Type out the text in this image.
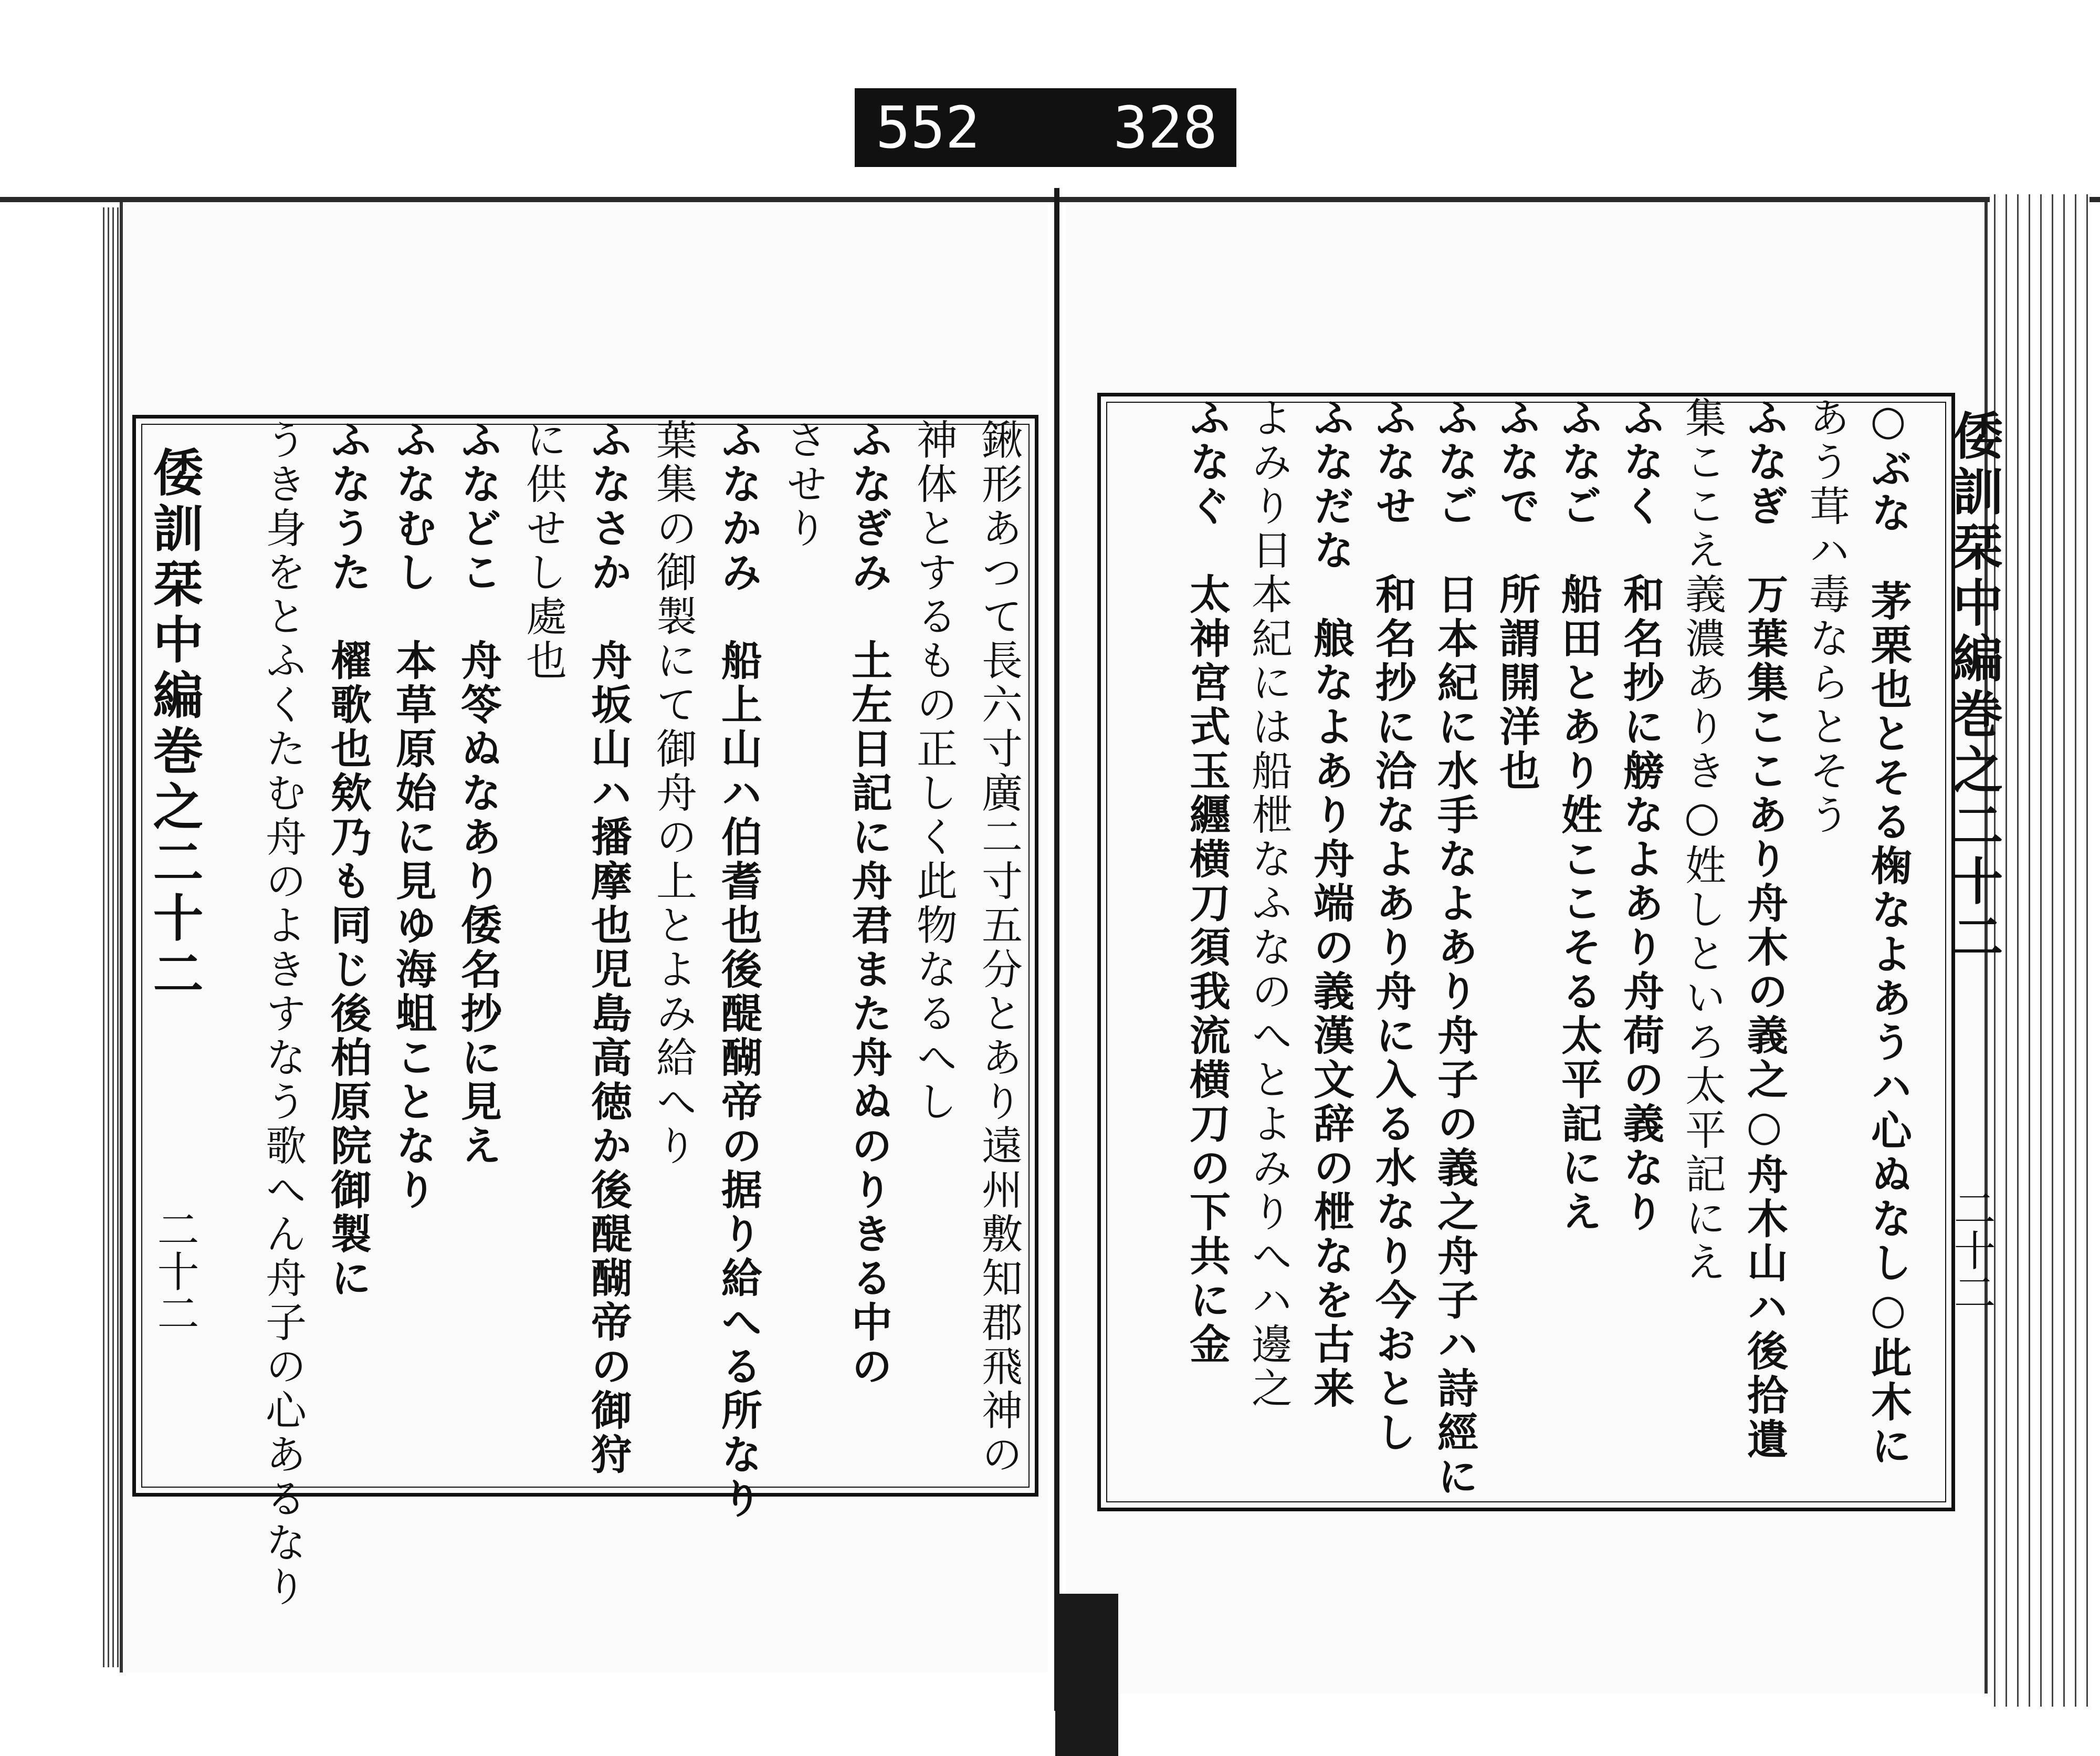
552 328
倭訓栞中編巻之二十二
二十二	鍬形あつて長六寸廣二寸五分とあり遠州敷知郡飛神の
神体とするもの正しく此物なるへし
ふなぎみ　土左日記に舟君また舟ぬのりきる中の
させり
ふなかみ　船上山ハ伯耆也後醍醐帝の据り給へる所なり
葉集の御製にて御舟の上とよみ給へり
ふなさか　舟坂山ハ播摩也児島高徳か後醍醐帝の御狩
に供せし處也
ふなどこ　舟笭ぬなあり倭名抄に見え
ふなむし　本草原始に見ゆ海蛆ことなり
ふなうた　櫂歌也欸乃も同じ後柏原院御製に
うき身をとふくたむ舟のよきすなう歌へん舟子の心あるなり	倭訓栞中編巻之二十二
二十二
○ぶな　茅栗也とそる椈なよあうハ心ぬなし○此木に
あう茸ハ毒ならとそう
ふなぎ　万葉集ここあり舟木の義之○舟木山ハ後拾遺
集ここえ義濃ありき○姓しといろ太平記にえ
ふなく　和名抄に艕なよあり舟荷の義なり
ふなご　船田とあり姓ここそる太平記にえ
ふなで　所謂開洋也
ふなご　日本紀に水手なよあり舟子の義之舟子ハ詩經に
ふなせ　和名抄に洽なよあり舟に入る水なり今おとし
ふなだな　艆なよあり舟端の義漢文辞の枻なを古来
よみり日本紀には船枻なふなのへとよみりへハ邊之
ふなぐ　太神宮式玉纒横刀須我流横刀の下共に金
